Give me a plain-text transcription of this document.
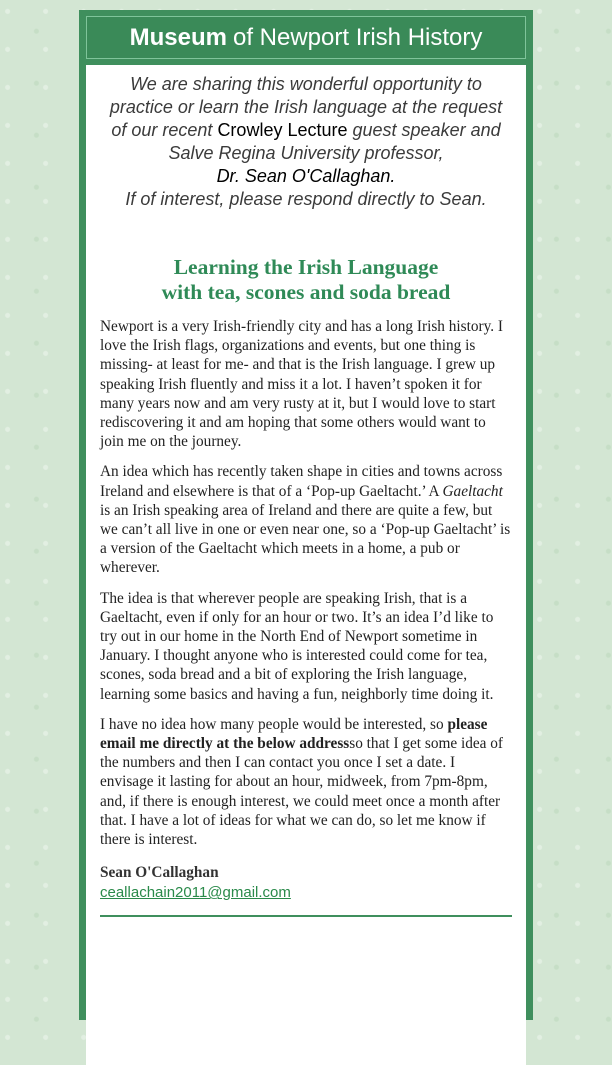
Museum of Newport Irish History

We are sharing this wonderful opportunity to practice or learn the Irish language at the request of our recent Crowley Lecture guest speaker and Salve Regina University professor,
Dr. Sean O'Callaghan.
If of interest, please respond directly to Sean.

Learning the Irish Language
with tea, scones and soda bread

Newport is a very Irish-friendly city and has a long Irish history. I love the Irish flags, organizations and events, but one thing is missing- at least for me- and that is the Irish language. I grew up speaking Irish fluently and miss it a lot. I haven’t spoken it for many years now and am very rusty at it, but I would love to start rediscovering it and am hoping that some others would want to join me on the journey.

An idea which has recently taken shape in cities and towns across Ireland and elsewhere is that of a ‘Pop-up Gaeltacht.’ A Gaeltacht is an Irish speaking area of Ireland and there are quite a few, but we can’t all live in one or even near one, so a ‘Pop-up Gaeltacht’ is a version of the Gaeltacht which meets in a home, a pub or wherever.

The idea is that wherever people are speaking Irish, that is a Gaeltacht, even if only for an hour or two. It’s an idea I’d like to try out in our home in the North End of Newport sometime in January. I thought anyone who is interested could come for tea, scones, soda bread and a bit of exploring the Irish language, learning some basics and having a fun, neighborly time doing it.

I have no idea how many people would be interested, so please email me directly at the below addressso that I get some idea of the numbers and then I can contact you once I set a date. I envisage it lasting for about an hour, midweek, from 7pm-8pm, and, if there is enough interest, we could meet once a month after that. I have a lot of ideas for what we can do, so let me know if there is interest.

Sean O'Callaghan
ceallachain2011@gmail.com
